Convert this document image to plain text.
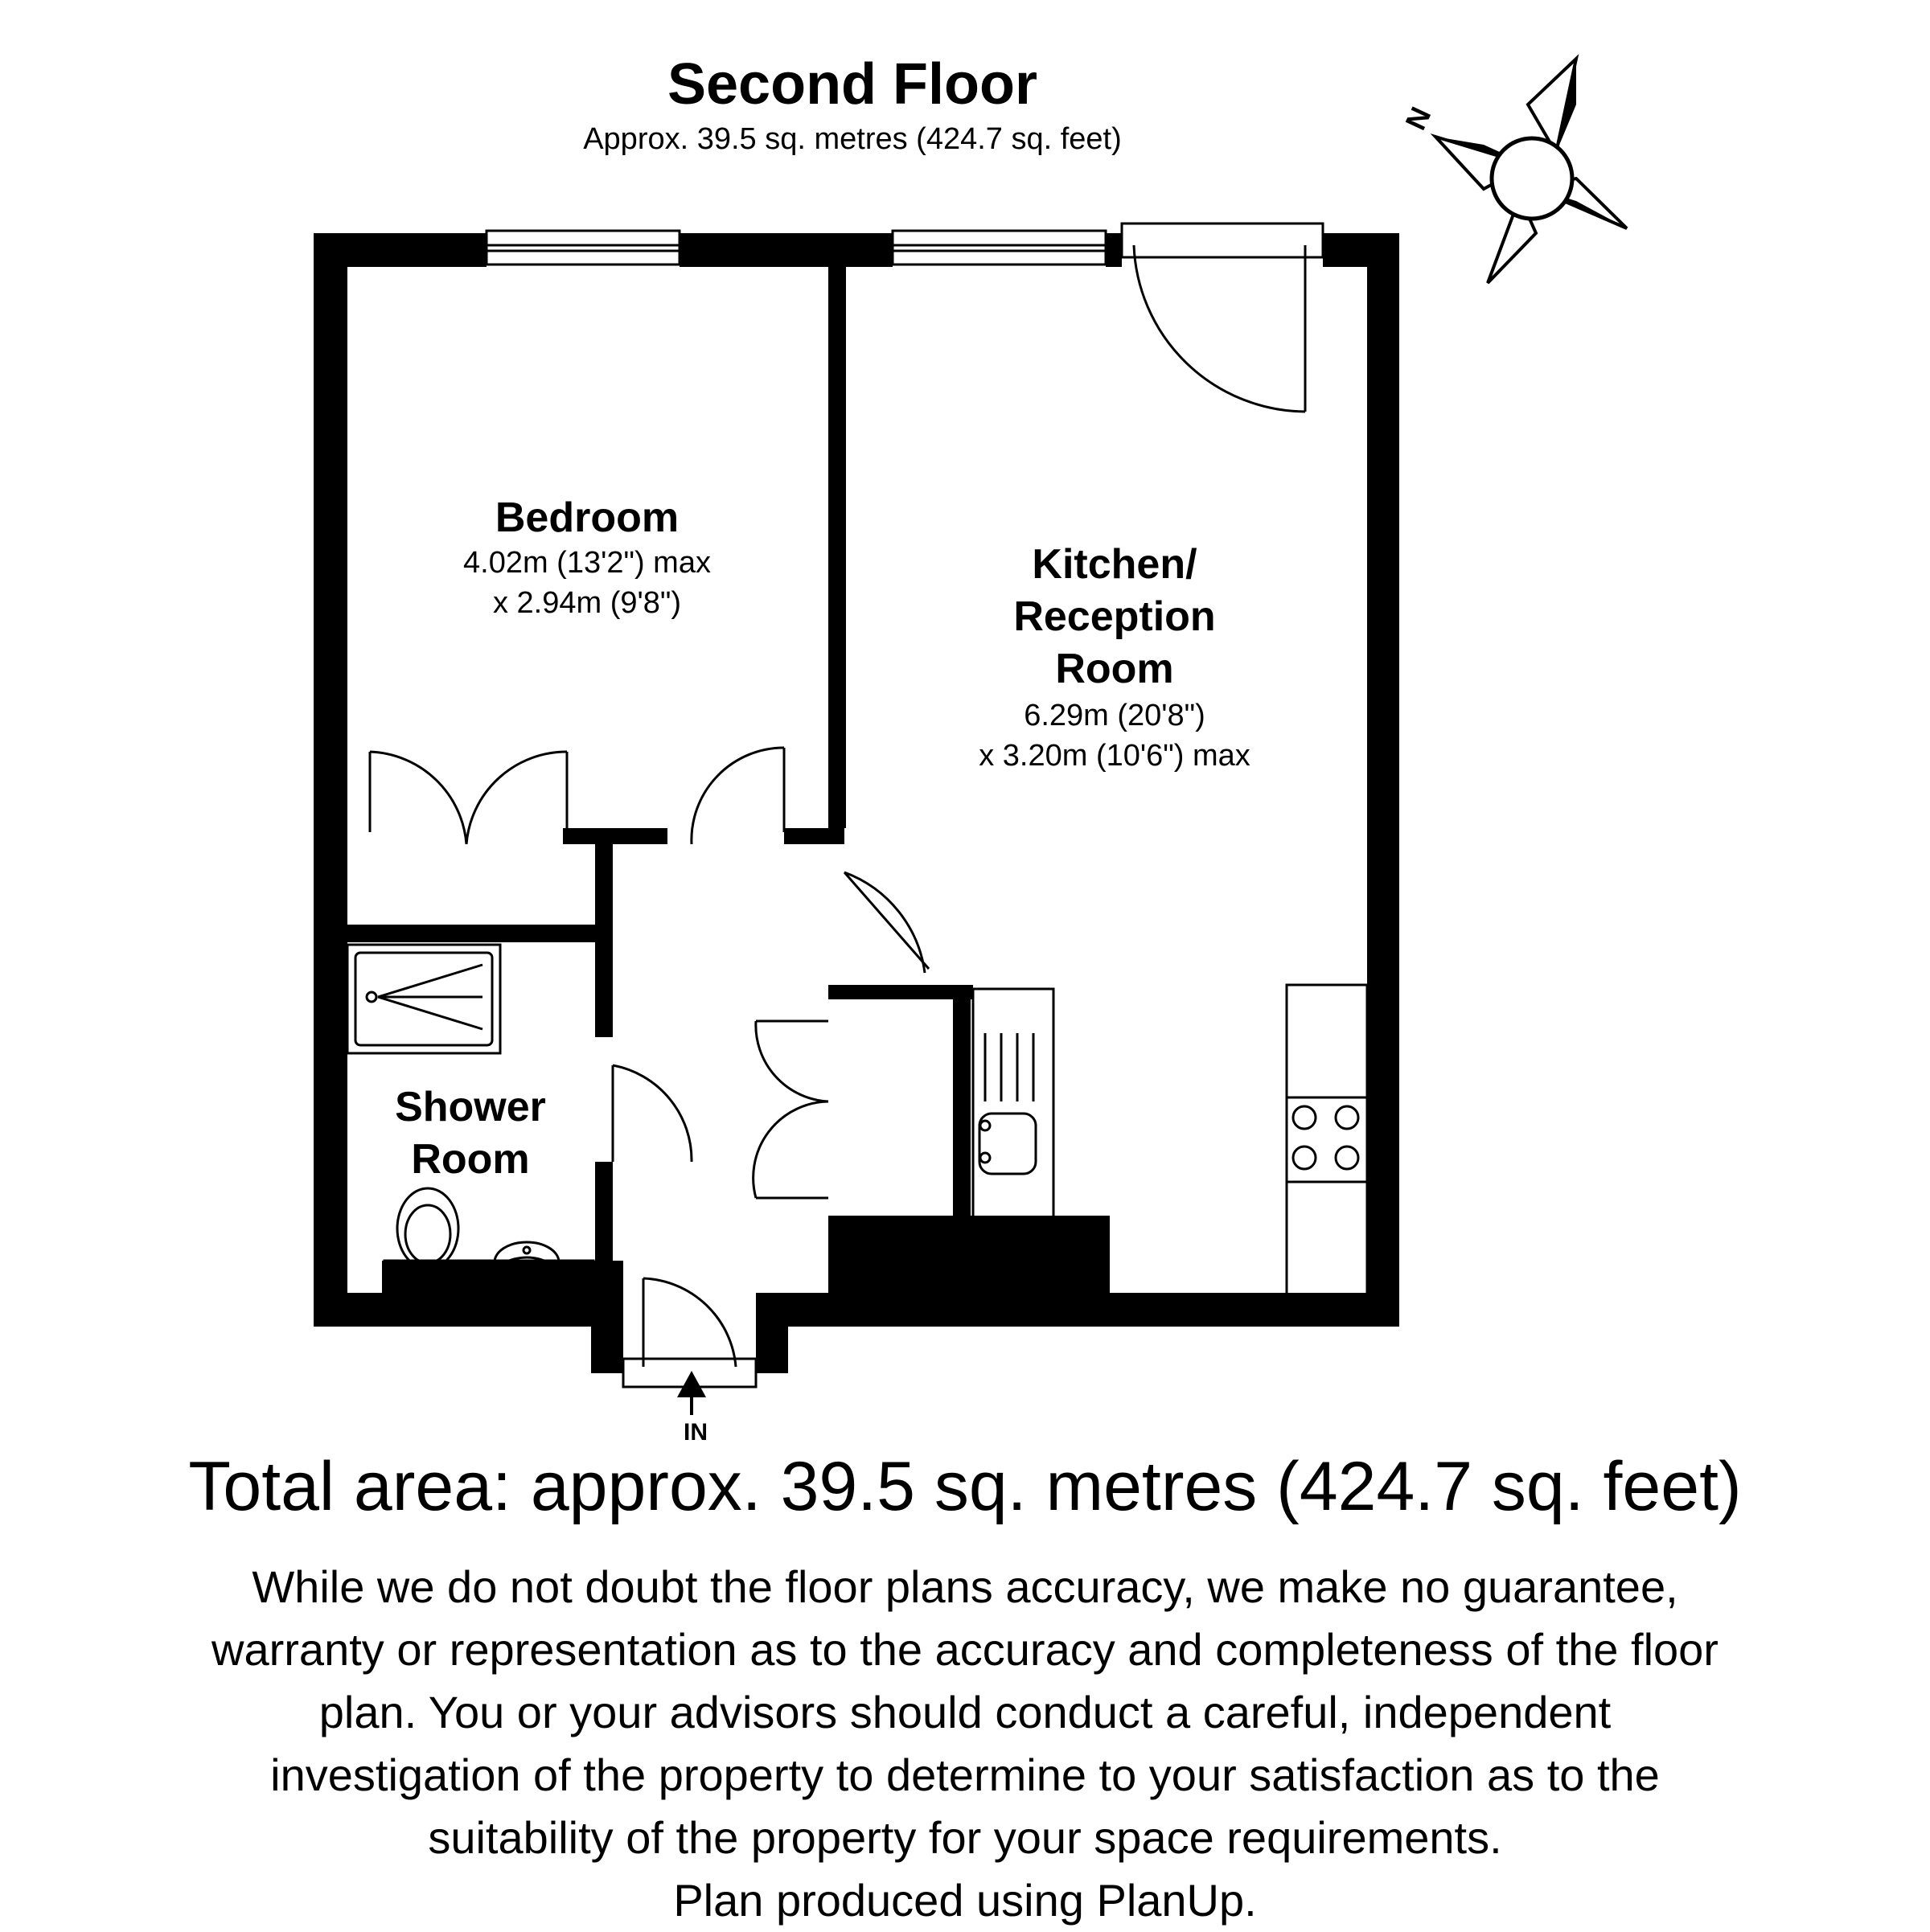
Second Floor
Approx. 39.5 sq. metres (424.7 sq. feet)
N
IN
Bedroom
4.02m (13'2") max
x 2.94m (9'8")
Kitchen/
Reception
Room
6.29m (20'8")
x 3.20m (10'6") max
Shower
Room
Total area: approx. 39.5 sq. metres (424.7 sq. feet)
While we do not doubt the floor plans accuracy, we make no guarantee,
warranty or representation as to the accuracy and completeness of the floor
plan. You or your advisors should conduct a careful, independent
investigation of the property to determine to your satisfaction as to the
suitability of the property for your space requirements.
Plan produced using PlanUp.
